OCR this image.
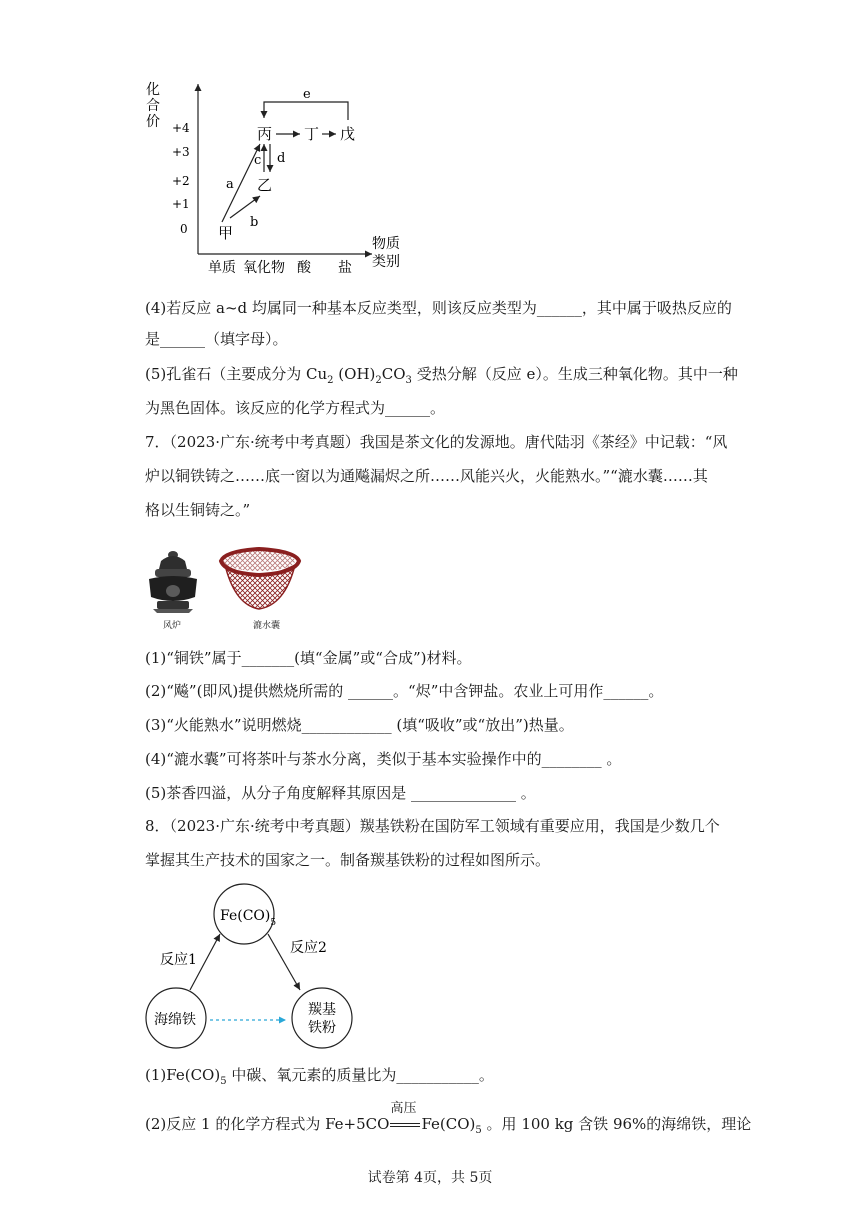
化
合
价 +4
+3
+2
+1
0
物质
类别
单质 氧化物 酸 盐
甲
乙
丙 丁 戊
a
b
c d
e
(4)若反应 a~d 均属同一种基本反应类型，则该反应类型为______，其中属于吸热反应的
是______（填字母）。
(5)孔雀石（主要成分为 $Cu_2$ $(OH)_2CO_3$ 受热分解（反应 e）。生成三种氧化物。其中一种
为黑色固体。该反应的化学方程式为______。
7．（2023·广东·统考中考真题）我国是茶文化的发源地。唐代陆羽《茶经》中记载：“风
炉以铜铁铸之……底一窗以为通飚漏烬之所……风能兴火，火能熟水。”“漉水囊……其
格以生铜铸之。”
风炉	漉水囊
(1)“铜铁”属于_______(填“金属”或“合成”)材料。
(2)“飚”(即风)提供燃烧所需的 ______。“烬”中含钾盐。农业上可用作______。
(3)“火能熟水”说明燃烧____________ (填“吸收”或“放出”)热量。
(4)“漉水囊”可将茶叶与茶水分离，类似于基本实验操作中的________ 。
(5)茶香四溢，从分子角度解释其原因是 ______________ 。
8．（2023·广东·统考中考真题）羰基铁粉在国防军工领域有重要应用，我国是少数几个
掌握其生产技术的国家之一。制备羰基铁粉的过程如图所示。
$Fe(CO)_5$
海绵铁
羰基
铁粉
反应1
反应2
$(1)Fe(CO)_5$ 中碳、氧元素的质量比为___________。
(2)反应 1 的化学方程式为 Fe+5CO
高压
$Fe(CO)_5$ 。用 100 kg 含铁 96%的海绵铁，理论
试卷第 4页，共 5页
